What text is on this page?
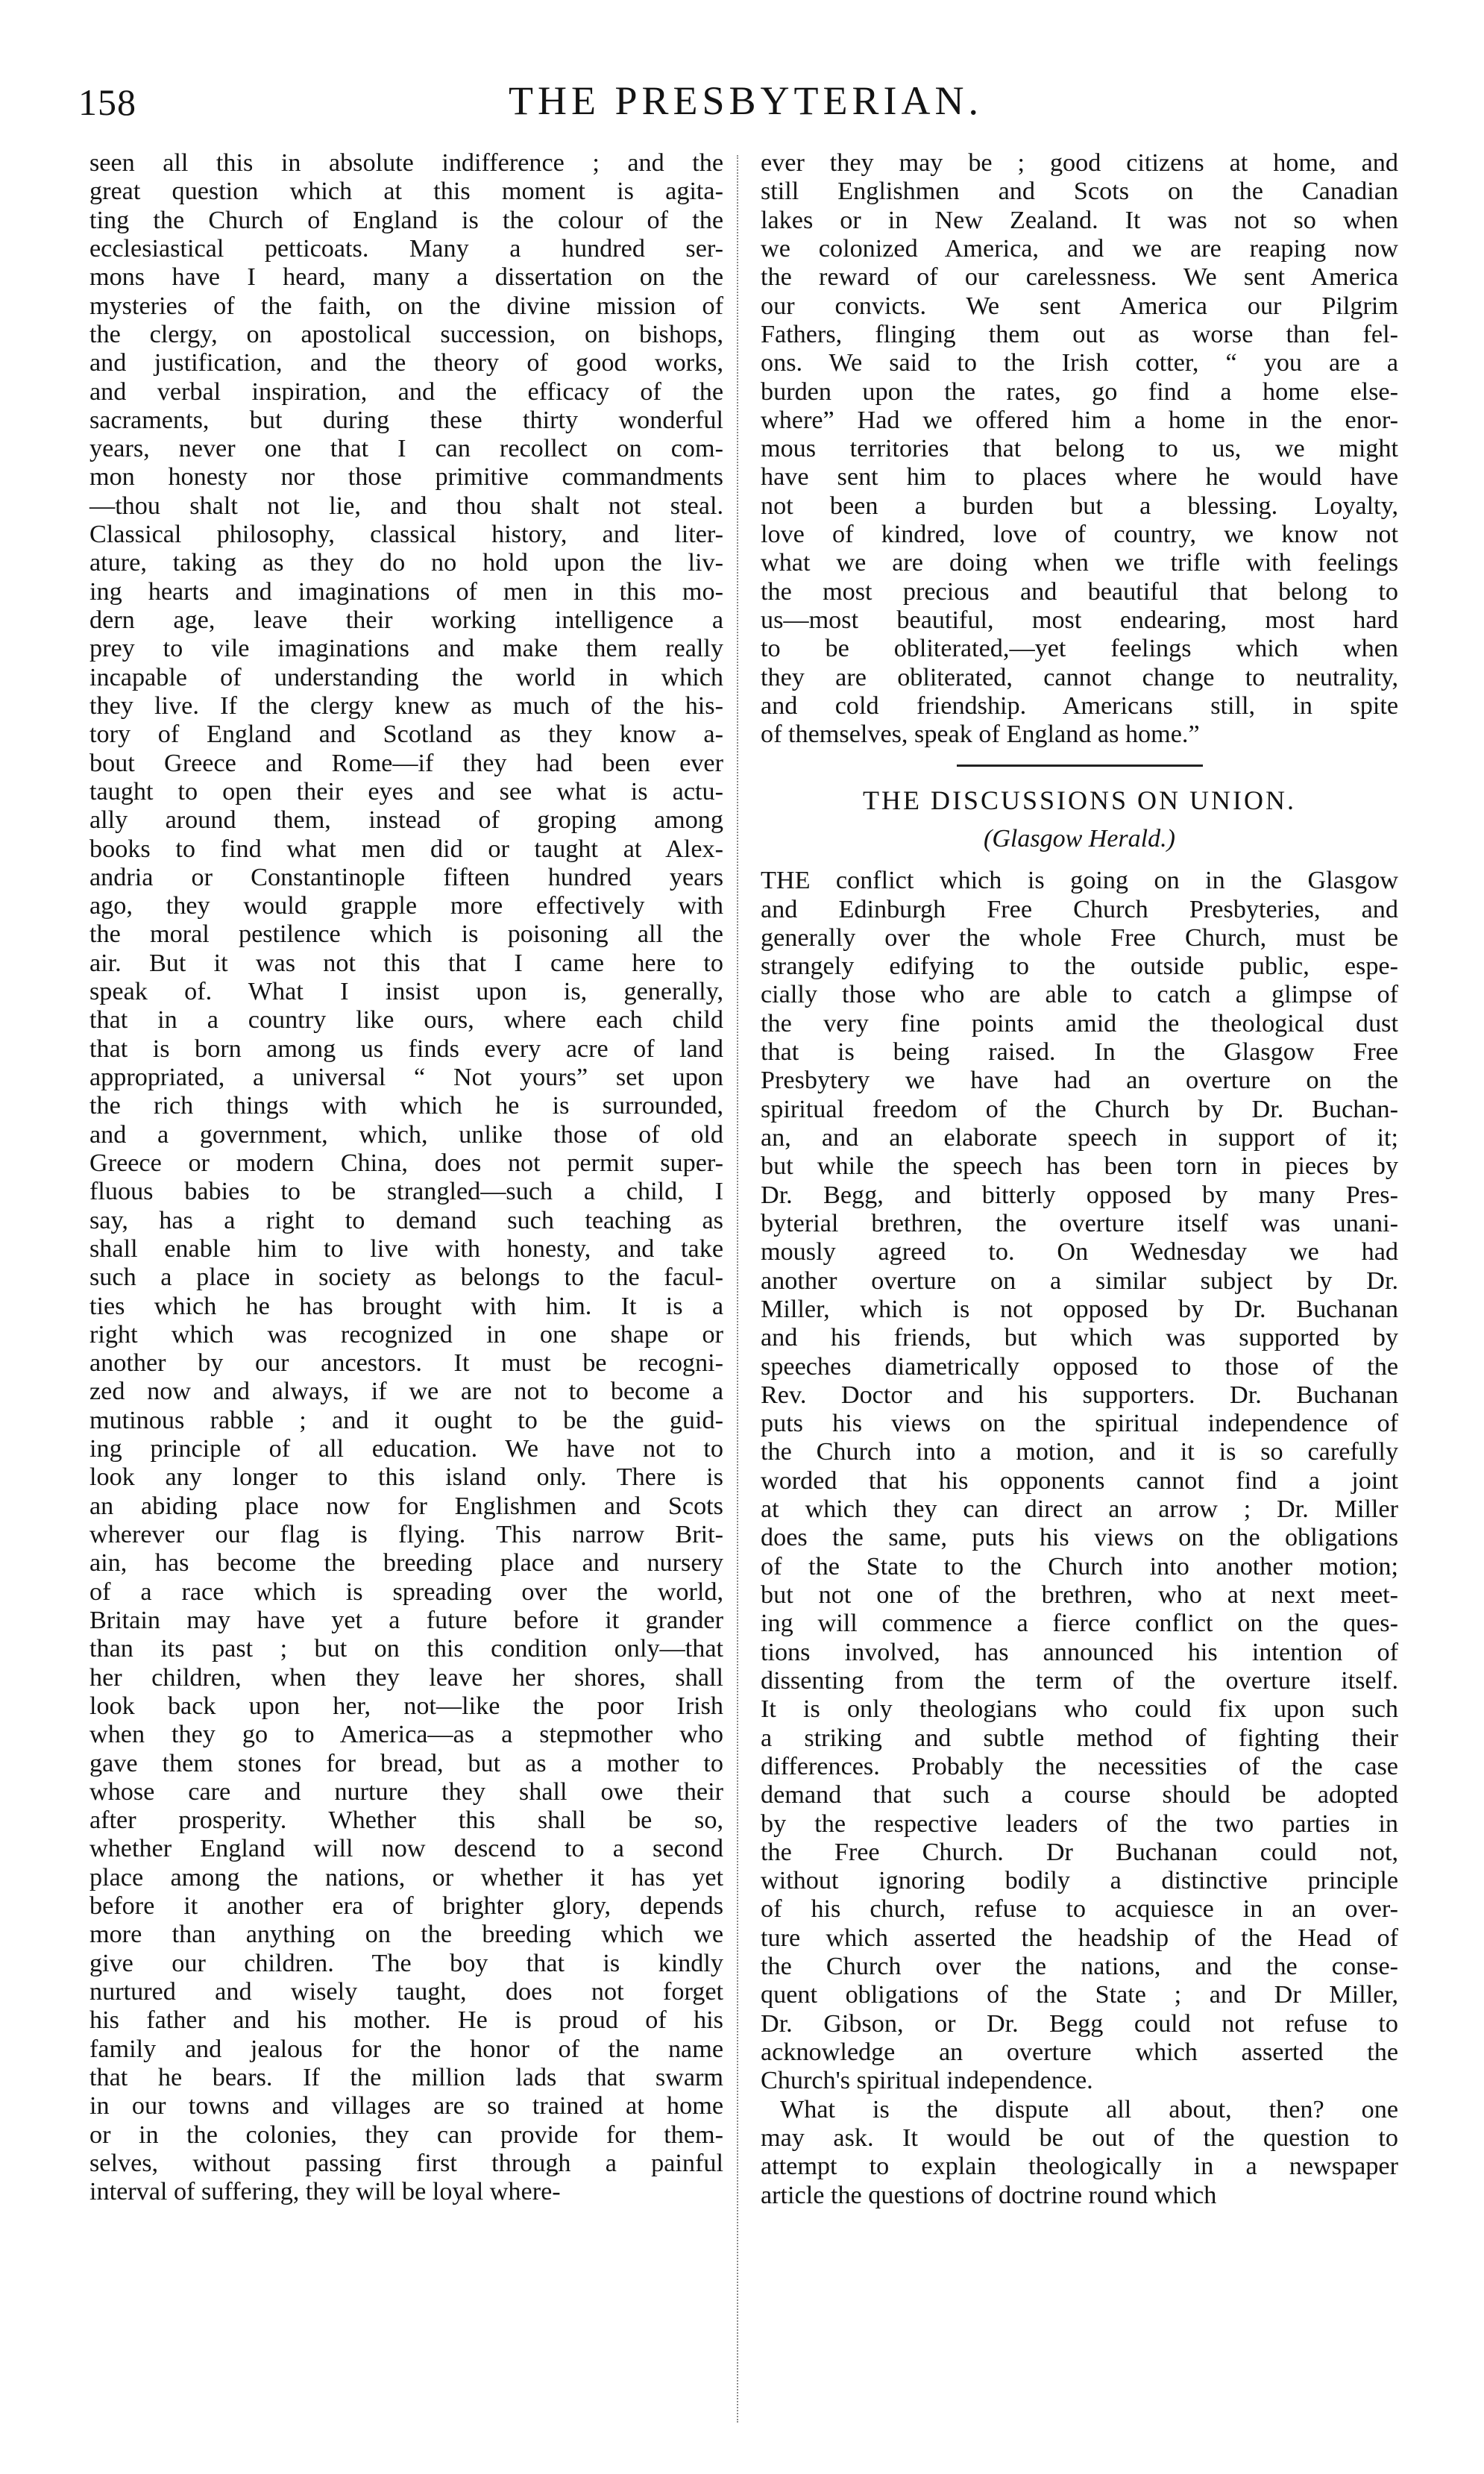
158	THE PRESBYTERIAN.

seen all this in absolute indifference ; and the

great question which at this moment is agita-

ting the Church of England is the colour of the

ecclesiastical petticoats. Many a hundred ser-

mons have I heard, many a dissertation on the

mysteries of the faith, on the divine mission of

the clergy, on apostolical succession, on bishops,

and justification, and the theory of good works,

and verbal inspiration, and the efficacy of the

sacraments, but during these thirty wonderful

years, never one that I can recollect on com-

mon honesty nor those primitive commandments

—thou shalt not lie, and thou shalt not steal.

Classical philosophy, classical history, and liter-

ature, taking as they do no hold upon the liv-

ing hearts and imaginations of men in this mo-

dern age, leave their working intelligence a

prey to vile imaginations and make them really

incapable of understanding the world in which

they live. If the clergy knew as much of the his-

tory of England and Scotland as they know a-

bout Greece and Rome—if they had been ever

taught to open their eyes and see what is actu-

ally around them, instead of groping among

books to find what men did or taught at Alex-

andria or Constantinople fifteen hundred years

ago, they would grapple more effectively with

the moral pestilence which is poisoning all the

air. But it was not this that I came here to

speak of. What I insist upon is, generally,

that in a country like ours, where each child

that is born among us finds every acre of land

appropriated, a universal “ Not yours” set upon

the rich things with which he is surrounded,

and a government, which, unlike those of old

Greece or modern China, does not permit super-

fluous babies to be strangled—such a child, I

say, has a right to demand such teaching as

shall enable him to live with honesty, and take

such a place in society as belongs to the facul-

ties which he has brought with him. It is a

right which was recognized in one shape or

another by our ancestors. It must be recogni-

zed now and always, if we are not to become a

mutinous rabble ; and it ought to be the guid-

ing principle of all education. We have not to

look any longer to this island only. There is

an abiding place now for Englishmen and Scots

wherever our flag is flying. This narrow Brit-

ain, has become the breeding place and nursery

of a race which is spreading over the world,

Britain may have yet a future before it grander

than its past ; but on this condition only—that

her children, when they leave her shores, shall

look back upon her, not—like the poor Irish

when they go to America—as a stepmother who

gave them stones for bread, but as a mother to

whose care and nurture they shall owe their

after prosperity. Whether this shall be so,

whether England will now descend to a second

place among the nations, or whether it has yet

before it another era of brighter glory, depends

more than anything on the breeding which we

give our children. The boy that is kindly

nurtured and wisely taught, does not forget

his father and his mother. He is proud of his

family and jealous for the honor of the name

that he bears. If the million lads that swarm

in our towns and villages are so trained at home

or in the colonies, they can provide for them-

selves, without passing first through a painful

interval of suffering, they will be loyal where-

ever they may be ; good citizens at home, and

still Englishmen and Scots on the Canadian

lakes or in New Zealand. It was not so when

we colonized America, and we are reaping now

the reward of our carelessness. We sent America

our convicts. We sent America our Pilgrim

Fathers, flinging them out as worse than fel-

ons. We said to the Irish cotter, “ you are a

burden upon the rates, go find a home else-

where” Had we offered him a home in the enor-

mous territories that belong to us, we might

have sent him to places where he would have

not been a burden but a blessing. Loyalty,

love of kindred, love of country, we know not

what we are doing when we trifle with feelings

the most precious and beautiful that belong to

us—most beautiful, most endearing, most hard

to be obliterated,—yet feelings which when

they are obliterated, cannot change to neutrality,

and cold friendship. Americans still, in spite

of themselves, speak of England as home.”

THE DISCUSSIONS ON UNION.
(Glasgow Herald.)

THE conflict which is going on in the Glasgow

and Edinburgh Free Church Presbyteries, and

generally over the whole Free Church, must be

strangely edifying to the outside public, espe-

cially those who are able to catch a glimpse of

the very fine points amid the theological dust

that is being raised. In the Glasgow Free

Presbytery we have had an overture on the

spiritual freedom of the Church by Dr. Buchan-

an, and an elaborate speech in support of it;

but while the speech has been torn in pieces by

Dr. Begg, and bitterly opposed by many Pres-

byterial brethren, the overture itself was unani-

mously agreed to. On Wednesday we had

another overture on a similar subject by Dr.

Miller, which is not opposed by Dr. Buchanan

and his friends, but which was supported by

speeches diametrically opposed to those of the

Rev. Doctor and his supporters. Dr. Buchanan

puts his views on the spiritual independence of

the Church into a motion, and it is so carefully

worded that his opponents cannot find a joint

at which they can direct an arrow ; Dr. Miller

does the same, puts his views on the obligations

of the State to the Church into another motion;

but not one of the brethren, who at next meet-

ing will commence a fierce conflict on the ques-

tions involved, has announced his intention of

dissenting from the term of the overture itself.

It is only theologians who could fix upon such

a striking and subtle method of fighting their

differences. Probably the necessities of the case

demand that such a course should be adopted

by the respective leaders of the two parties in

the Free Church. Dr Buchanan could not,

without ignoring bodily a distinctive principle

of his church, refuse to acquiesce in an over-

ture which asserted the headship of the Head of

the Church over the nations, and the conse-

quent obligations of the State ; and Dr Miller,

Dr. Gibson, or Dr. Begg could not refuse to

acknowledge an overture which asserted the

Church's spiritual independence.

What is the dispute all about, then? one

may ask. It would be out of the question to

attempt to explain theologically in a newspaper

article the questions of doctrine round which
